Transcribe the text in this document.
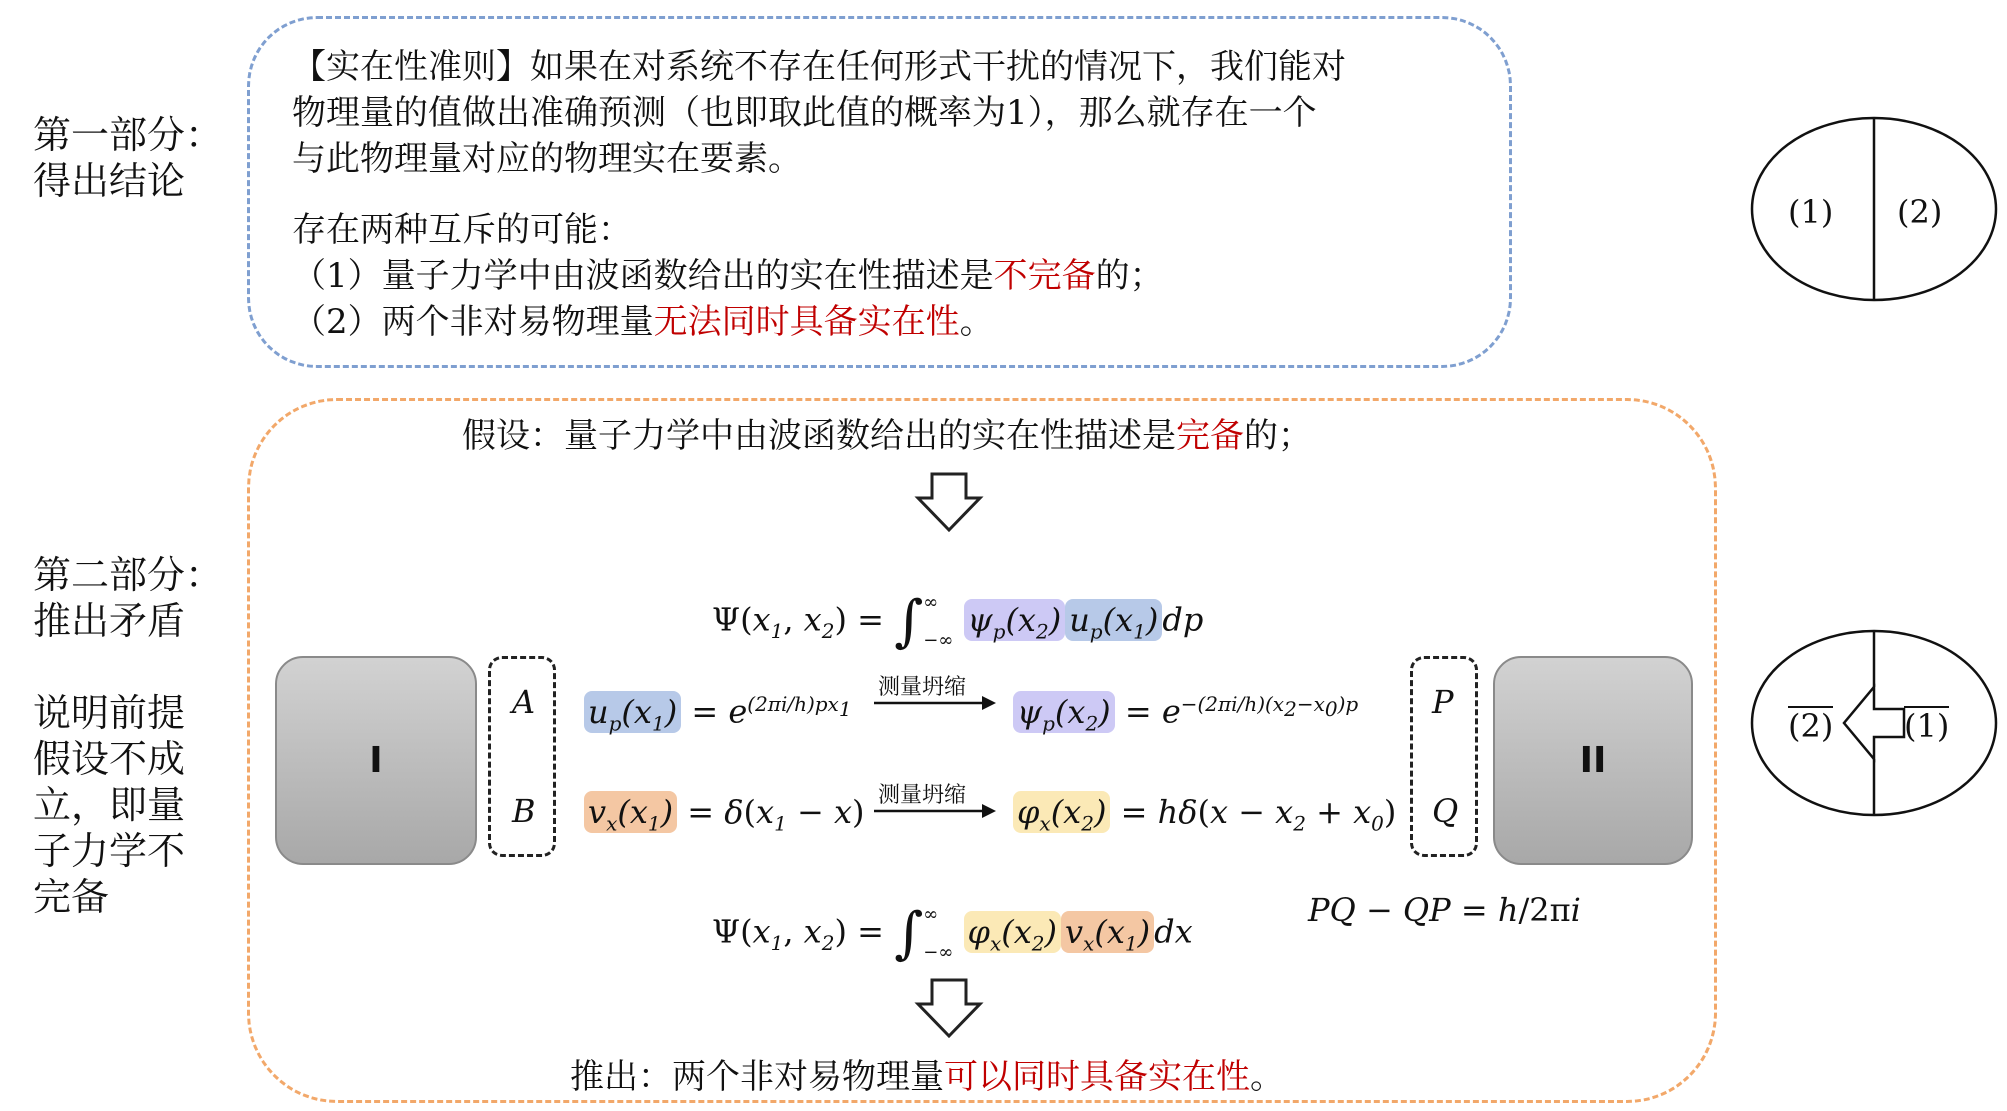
第一部分：
得出结论
第二部分：
推出矛盾
说明前提
假设不成
立，即量
子力学不
完备
【实在性准则】如果在对系统不存在任何形式干扰的情况下，我们能对
物理量的值做出准确预测（也即取此值的概率为1），那么就存在一个
与此物理量对应的物理实在要素。
存在两种互斥的可能：
（1）量子力学中由波函数给出的实在性描述是不完备的；
（2）两个非对易物理量无法同时具备实在性。
假设：量子力学中由波函数给出的实在性描述是完备的；
$\Psi(x_1$, $x_2$) = ∫∞
−∞ $\psi_p(x_2)$ $u_p(x_1)$ dp
I	II
A
B
P
Q
$u_p(x_1) = e^{(2\pi i/h)px_1}$
测量坍缩
$\psi_p(x_2) = e^{-(2\pi i/h)(x_2-x_0)p}$
$v_x(x_1) = \delta(x_1 - x)$ 测量坍缩 $\varphi_x(x_2) = h\delta(x - x_2 + x_0)$
$\Psi(x_1$, $x_2$) = ∫∞
−∞ $\varphi_x(x_2)$ $v_x(x_1)$ dx
PQ − QP = h/2πi
推出：两个非对易物理量可以同时具备实在性。
(1) (2)
(2) (1)
